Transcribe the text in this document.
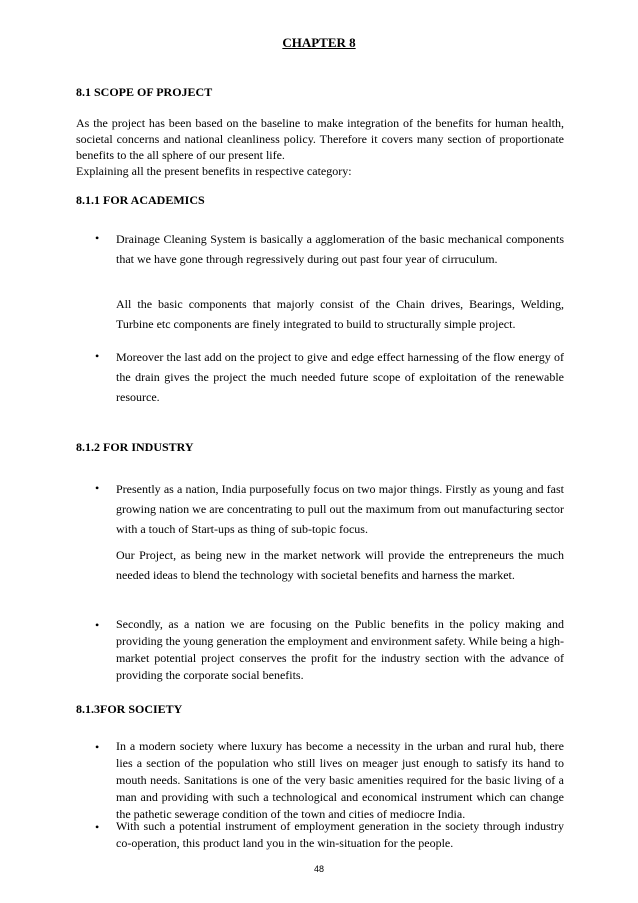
CHAPTER 8
8.1 SCOPE OF PROJECT
As the project has been based on the baseline to make integration of the benefits for human health, societal concerns and national cleanliness policy. Therefore it covers many section of proportionate benefits to the all sphere of our present life.
Explaining all the present benefits in respective category:
8.1.1 FOR ACADEMICS
•	Drainage Cleaning System is basically a agglomeration of the basic mechanical components that we have gone through regressively during out past four year of cirruculum.
All the basic components that majorly consist of the Chain drives, Bearings, Welding, Turbine etc components are finely integrated to build to structurally simple project.
•	Moreover the last add on the project to give and edge effect harnessing of the flow energy of the drain gives the project the much needed future scope of exploitation of the renewable resource.
8.1.2 FOR INDUSTRY
•	Presently as a nation, India purposefully focus on two major things. Firstly as young and fast growing nation we are concentrating to pull out the maximum from out manufacturing sector with a touch of Start-ups as thing of sub-topic focus.
Our Project, as being new in the market network will provide the entrepreneurs the much needed ideas to blend the technology with societal benefits and harness the market.
•	Secondly, as a nation we are focusing on the Public benefits in the policy making and providing the young generation the employment and environment safety. While being a high-market potential project conserves the profit for the industry section with the advance of providing the corporate social benefits.
8.1.3FOR SOCIETY
•	In a modern society where luxury has become a necessity in the urban and rural hub, there lies a section of the population who still lives on meager just enough to satisfy its hand to mouth needs. Sanitations is one of the very basic amenities required for the basic living of a man and providing with such a technological and economical instrument which can change the pathetic sewerage condition of the town and cities of mediocre India.
•	With such a potential instrument of employment generation in the society through industry co-operation, this product land you in the win-situation for the people.
48
